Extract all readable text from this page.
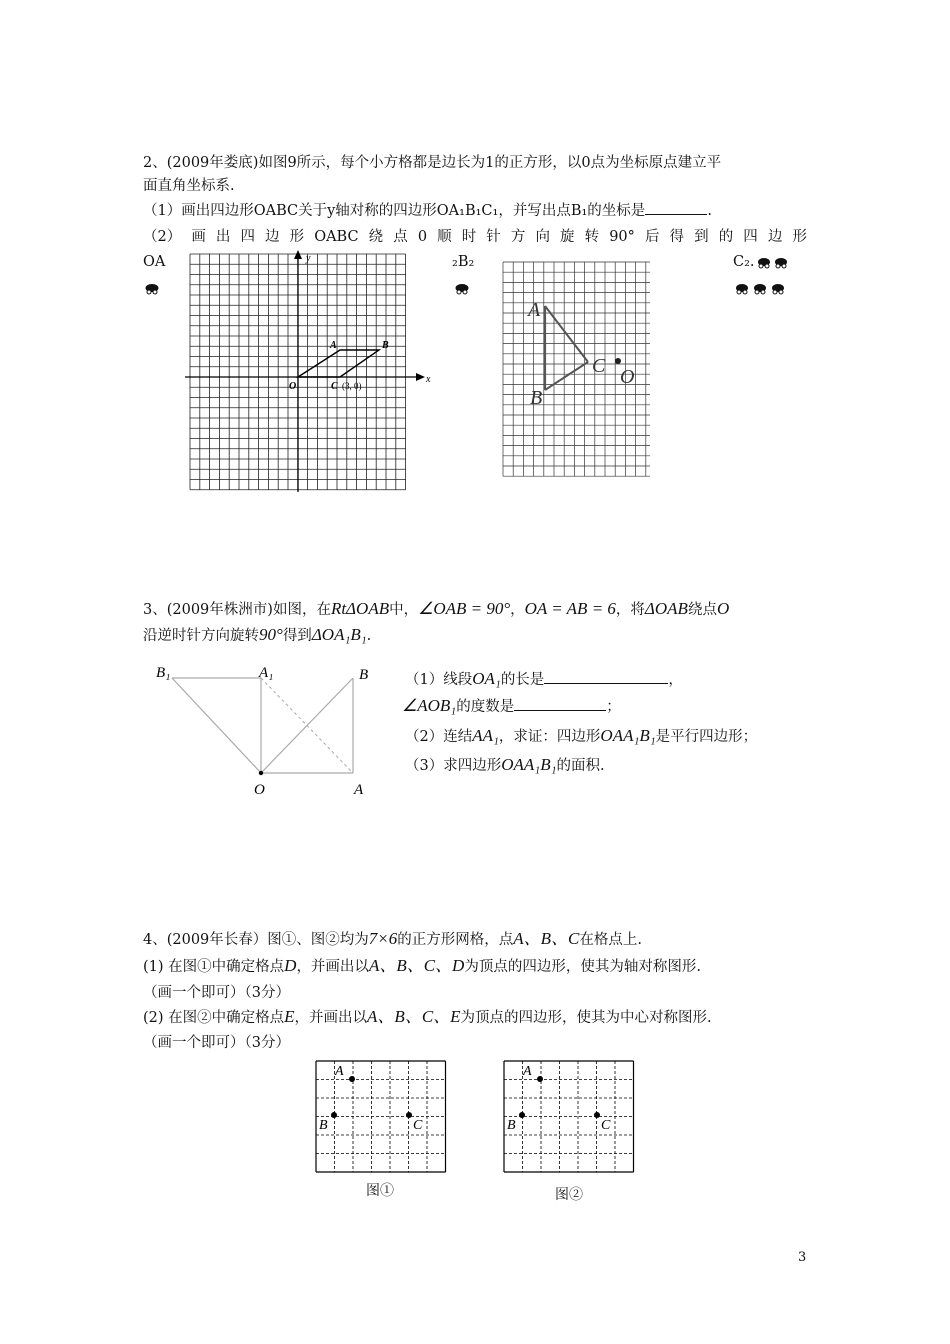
2、(2009年娄底)如图9所示，每个小方格都是边长为1的正方形，以0点为坐标原点建立平
面直角坐标系.
（1）画出四边形OABC关于y轴对称的四边形OA₁B₁C₁，并写出点B₁的坐标是	.
（2） 画 出 四 边 形 OABC 绕 点 0 顺 时 针 方 向 旋 转 90° 后 得 到 的 四 边 形
OA	₂B₂	C₂.
y
x
A	B
O	C (3, 0)
A
B
C O
3、(2009年株洲市)如图，在RtΔOAB中，∠OAB = 90°，OA = AB = 6，将ΔOAB绕点O
沿逆时针方向旋转90°得到ΔOA₁B₁.
B₁	A₁	B
O	A
（1）线段OA₁的长是	，
∠AOB₁的度数是	；
（2）连结AA₁，求证：四边形OAA₁B₁是平行四边形；
（3）求四边形OAA₁B₁的面积.
4、(2009年长春）图①、图②均为7×6的正方形网格，点A、B、C在格点上.
(1) 在图①中确定格点D，并画出以A、B、C、D为顶点的四边形，使其为轴对称图形.
（画一个即可）（3分）
(2) 在图②中确定格点E，并画出以A、B、C、E为顶点的四边形，使其为中心对称图形.
（画一个即可）（3分）
A
B	C
图①
A
B	C
图②
3
